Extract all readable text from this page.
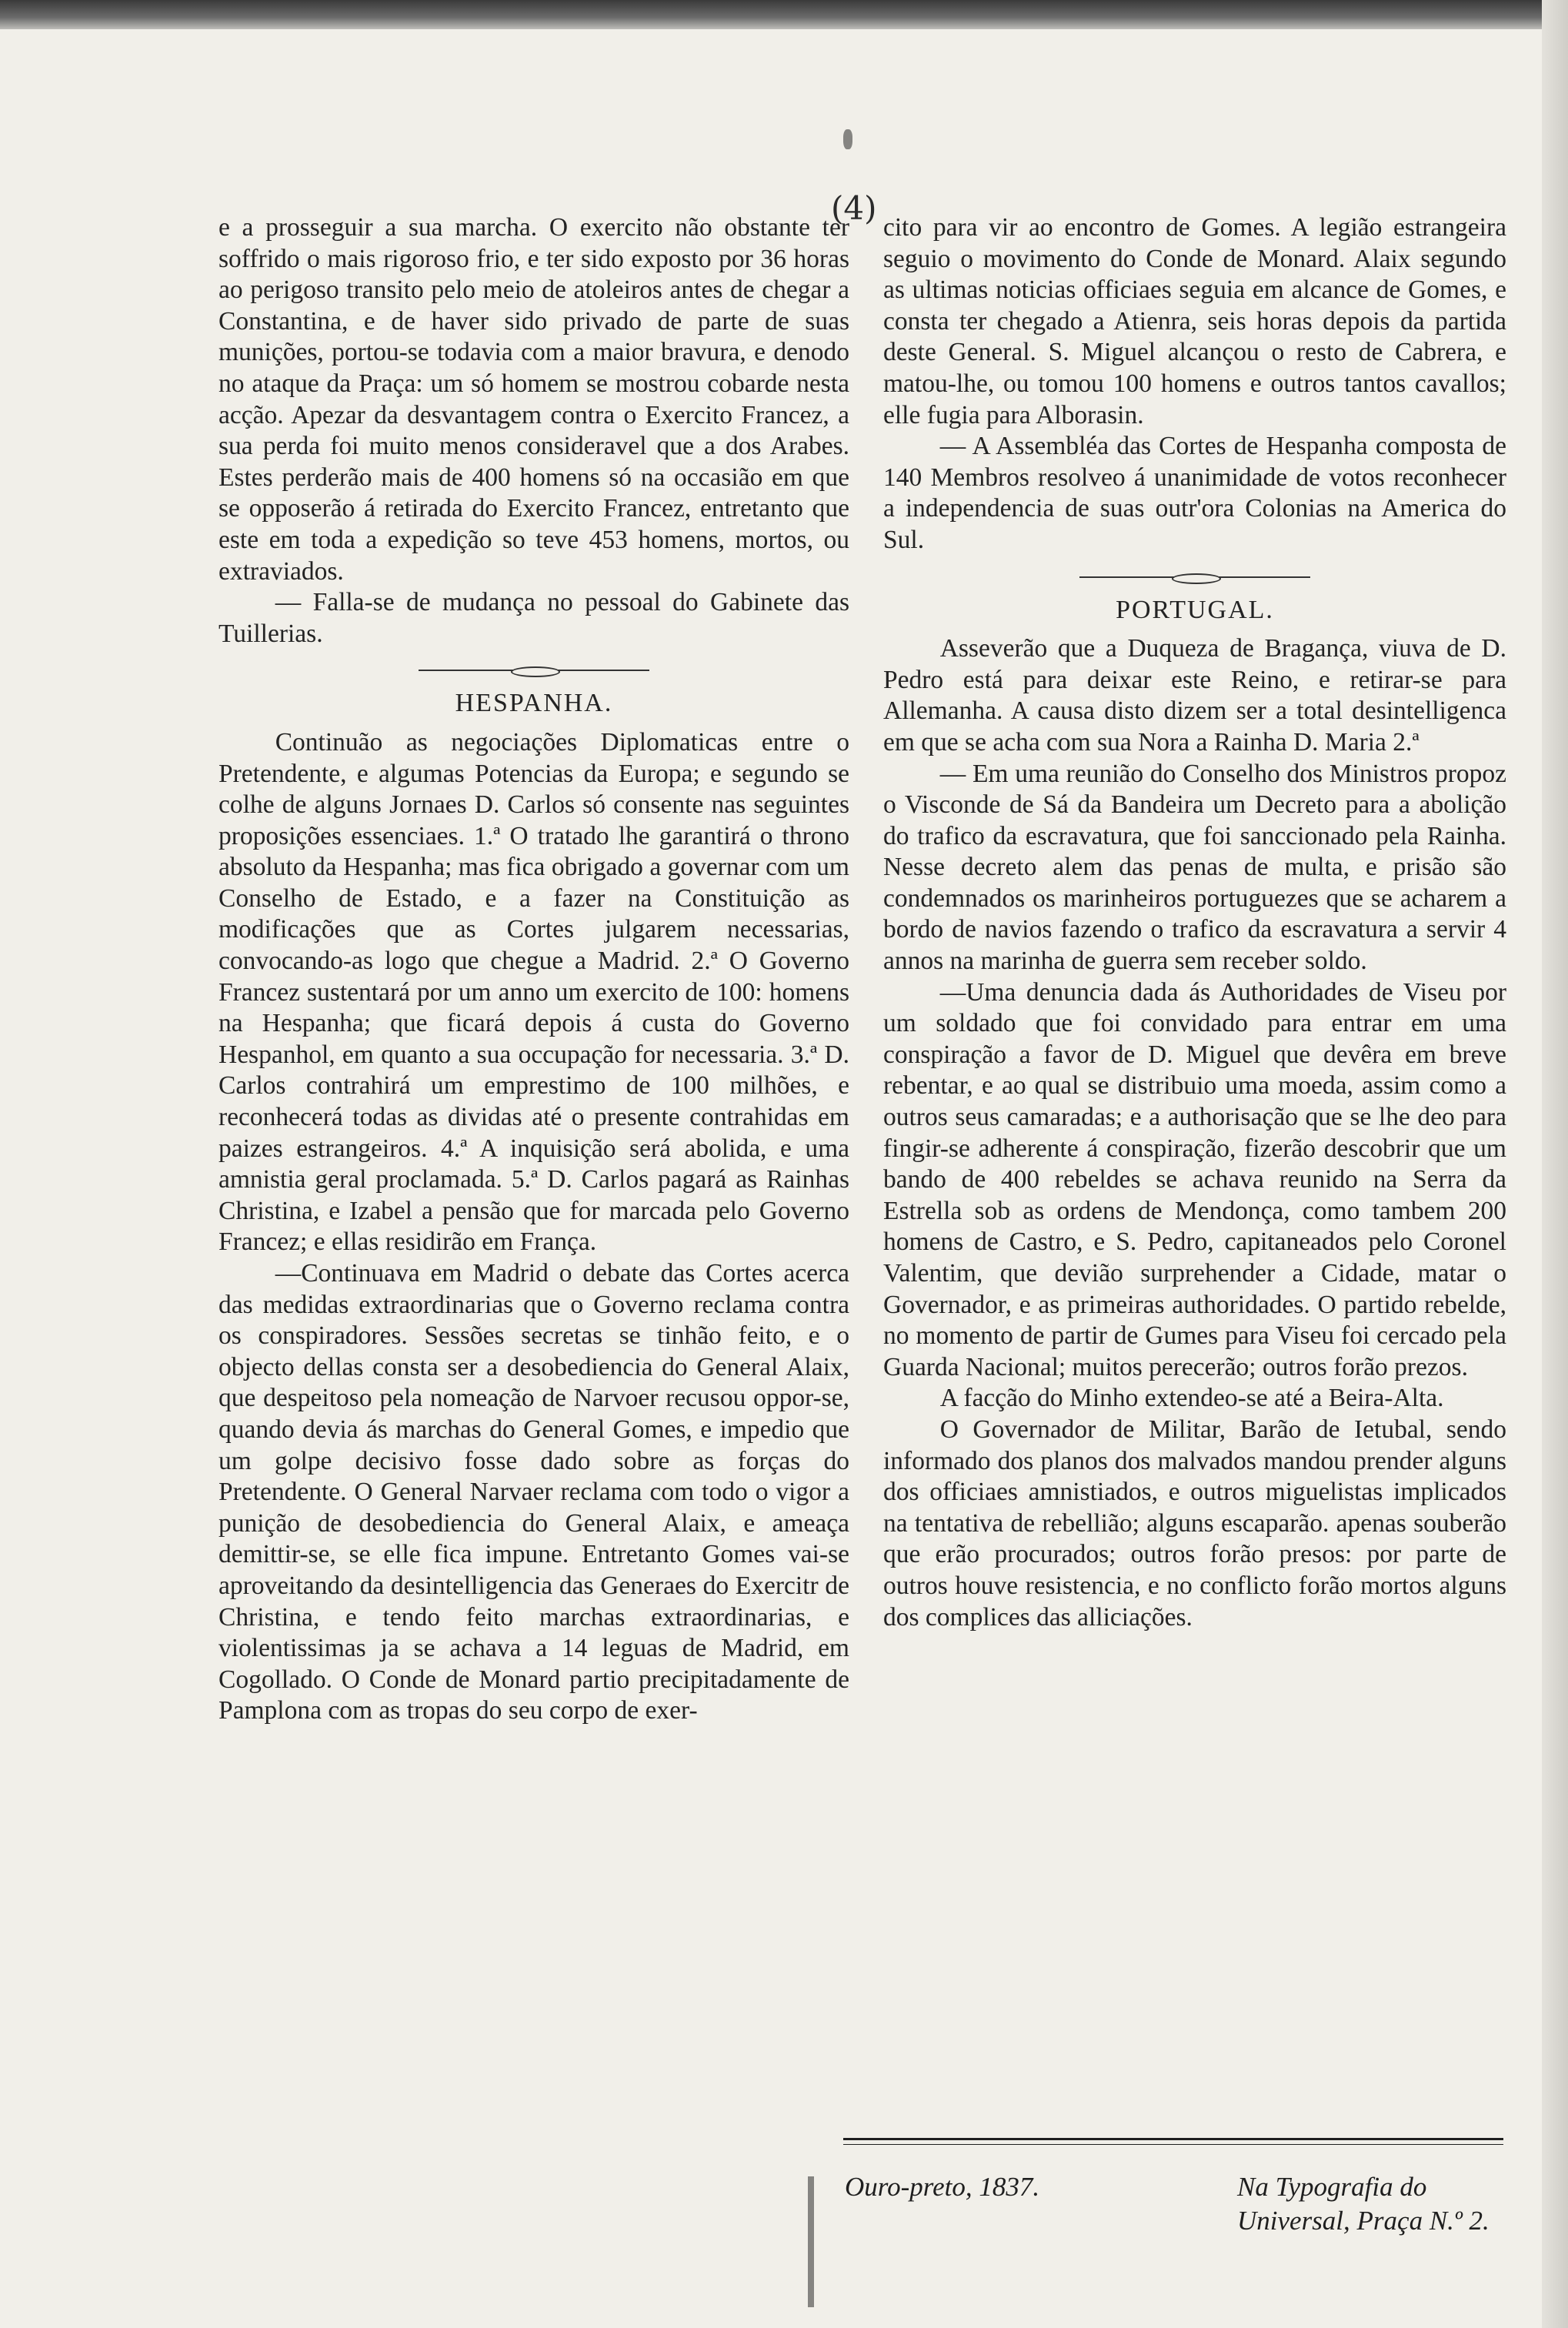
(4)

e a prosseguir a sua marcha. O exercito não obstante ter soffrido o mais rigoroso frio, e ter sido exposto por 36 horas ao perigoso transito pelo meio de atoleiros antes de chegar a Constantina, e de haver sido privado de parte de suas munições, portou-se todavia com a maior bravura, e denodo no ataque da Praça: um só homem se mostrou cobarde nesta acção. Apezar da desvantagem contra o Exercito Francez, a sua perda foi muito menos consideravel que a dos Arabes. Estes perderão mais de 400 homens só na occasião em que se opposerão á retirada do Exercito Francez, entretanto que este em toda a expedição so teve 453 homens, mortos, ou extraviados.

— Falla-se de mudança no pessoal do Gabinete das Tuillerias.

HESPANHA.

Continuão as negociações Diplomaticas entre o Pretendente, e algumas Potencias da Europa; e segundo se colhe de alguns Jornaes D. Carlos só consente nas seguintes proposições essenciaes. 1.ª O tratado lhe garantirá o throno absoluto da Hespanha; mas fica obrigado a governar com um Conselho de Estado, e a fazer na Constituição as modificações que as Cortes julgarem necessarias, convocando-as logo que chegue a Madrid. 2.ª O Governo Francez sustentará por um anno um exercito de 100: homens na Hespanha; que ficará depois á custa do Governo Hespanhol, em quanto a sua occupação for necessaria. 3.ª D. Carlos contrahirá um emprestimo de 100 milhões, e reconhecerá todas as dividas até o presente contrahidas em paizes estrangeiros. 4.ª A inquisição será abolida, e uma amnistia geral proclamada. 5.ª D. Carlos pagará as Rainhas Christina, e Izabel a pensão que for marcada pelo Governo Francez; e ellas residirão em França.

—Continuava em Madrid o debate das Cortes acerca das medidas extraordinarias que o Governo reclama contra os conspiradores. Sessões secretas se tinhão feito, e o objecto dellas consta ser a desobediencia do General Alaix, que despeitoso pela nomeação de Narvoer recusou oppor-se, quando devia ás marchas do General Gomes, e impedio que um golpe decisivo fosse dado sobre as forças do Pretendente. O General Narvaer reclama com todo o vigor a punição de desobediencia do General Alaix, e ameaça demittir-se, se elle fica impune. Entretanto Gomes vai-se aproveitando da desintelligencia das Generaes do Exercitr de Christina, e tendo feito marchas extraordinarias, e violentissimas ja se achava a 14 leguas de Madrid, em Cogollado. O Conde de Monard partio precipitadamente de Pamplona com as tropas do seu corpo de exer-

cito para vir ao encontro de Gomes. A legião estrangeira seguio o movimento do Conde de Monard. Alaix segundo as ultimas noticias officiaes seguia em alcance de Gomes, e consta ter chegado a Atienra, seis horas depois da partida deste General. S. Miguel alcançou o resto de Cabrera, e matou-lhe, ou tomou 100 homens e outros tantos cavallos; elle fugia para Alborasin.

— A Assembléa das Cortes de Hespanha composta de 140 Membros resolveo á unanimidade de votos reconhecer a independencia de suas outr'ora Colonias na America do Sul.

PORTUGAL.

Asseverão que a Duqueza de Bragança, viuva de D. Pedro está para deixar este Reino, e retirar-se para Allemanha. A causa disto dizem ser a total desintelligenca em que se acha com sua Nora a Rainha D. Maria 2.ª

— Em uma reunião do Conselho dos Ministros propoz o Visconde de Sá da Bandeira um Decreto para a abolição do trafico da escravatura, que foi sanccionado pela Rainha. Nesse decreto alem das penas de multa, e prisão são condemnados os marinheiros portuguezes que se acharem a bordo de navios fazendo o trafico da escravatura a servir 4 annos na marinha de guerra sem receber soldo.

—Uma denuncia dada ás Authoridades de Viseu por um soldado que foi convidado para entrar em uma conspiração a favor de D. Miguel que devêra em breve rebentar, e ao qual se distribuio uma moeda, assim como a outros seus camaradas; e a authorisação que se lhe deo para fingir-se adherente á conspiração, fizerão descobrir que um bando de 400 rebeldes se achava reunido na Serra da Estrella sob as ordens de Mendonça, como tambem 200 homens de Castro, e S. Pedro, capitaneados pelo Coronel Valentim, que devião surprehender a Cidade, matar o Governador, e as primeiras authoridades. O partido rebelde, no momento de partir de Gumes para Viseu foi cercado pela Guarda Nacional; muitos perecerão; outros forão prezos.

A facção do Minho extendeo-se até a Beira-Alta.

O Governador de Militar, Barão de Ietubal, sendo informado dos planos dos malvados mandou prender alguns dos officiaes amnistiados, e outros miguelistas implicados na tentativa de rebellião; alguns escaparão. apenas souberão que erão procurados; outros forão presos: por parte de outros houve resistencia, e no conflicto forão mortos alguns dos complices das alliciações.

Ouro-preto, 1837.	Na Typografia do Universal, Praça N.º 2.
